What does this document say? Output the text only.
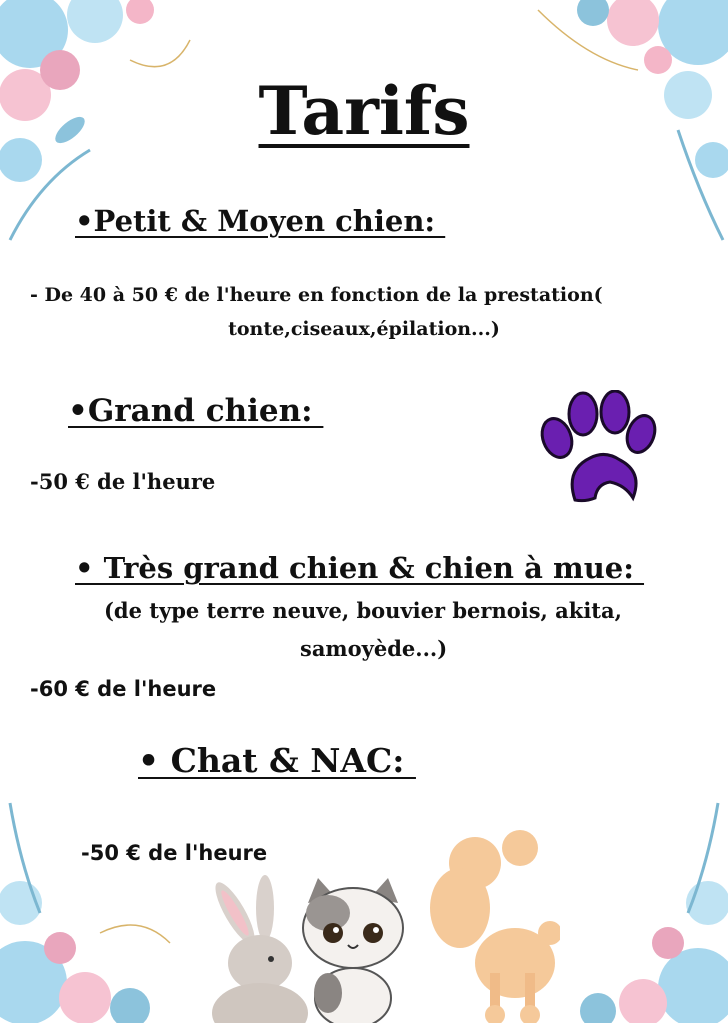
Tarifs
•Petit & Moyen chien:
- De 40 à 50 € de l'heure en fonction de la prestation(
tonte,ciseaux,épilation...)
•Grand chien:
-50 € de l'heure
• Très grand chien & chien à mue:
(de type terre neuve, bouvier bernois, akita,
samoyède...)
-60 € de l'heure
• Chat & NAC:
-50 € de l'heure
